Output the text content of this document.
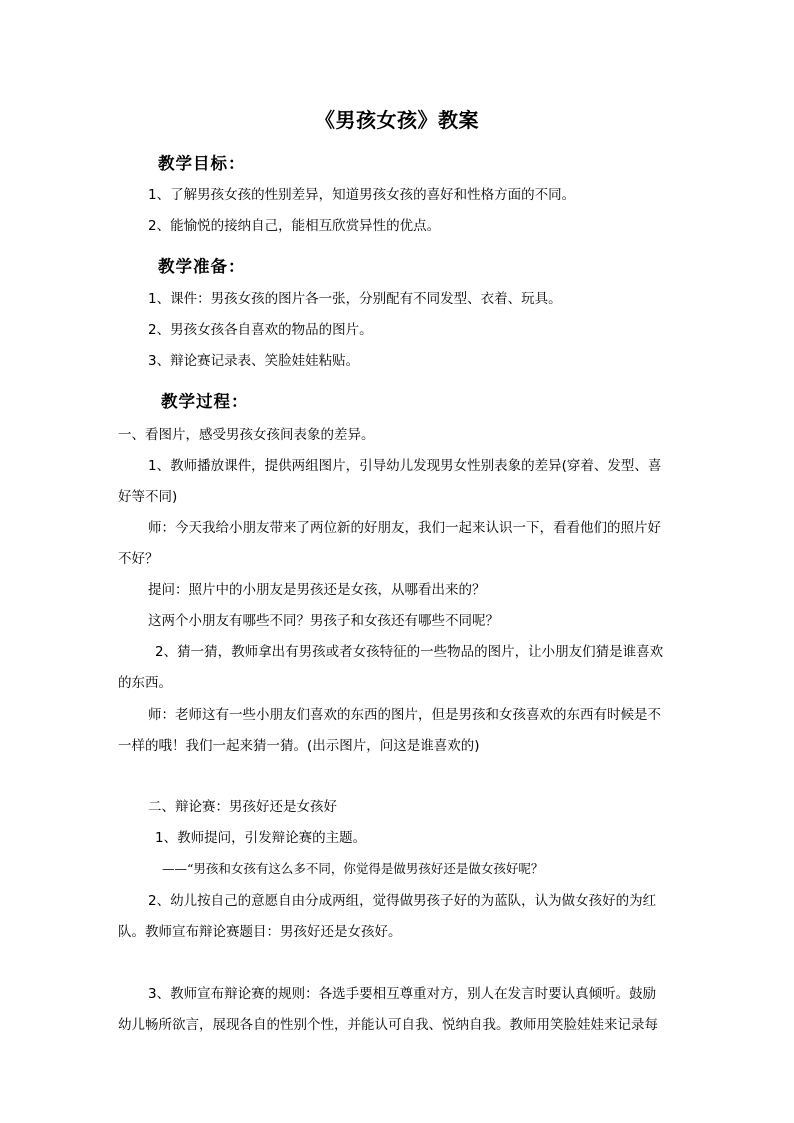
《男孩女孩》教案
教学目标：
1、了解男孩女孩的性别差异，知道男孩女孩的喜好和性格方面的不同。
2、能愉悦的接纳自己，能相互欣赏异性的优点。
教学准备：
1、课件：男孩女孩的图片各一张，分别配有不同发型、衣着、玩具。
2、男孩女孩各自喜欢的物品的图片。
3、辩论赛记录表、笑脸娃娃粘贴。
教学过程：
一、看图片，感受男孩女孩间表象的差异。
1、教师播放课件，提供两组图片，引导幼儿发现男女性别表象的差异(穿着、发型、喜
好等不同)
师：今天我给小朋友带来了两位新的好朋友，我们一起来认识一下，看看他们的照片好
不好？
提问：照片中的小朋友是男孩还是女孩，从哪看出来的？
这两个小朋友有哪些不同？男孩子和女孩还有哪些不同呢？
2、猜一猜，教师拿出有男孩或者女孩特征的一些物品的图片，让小朋友们猜是谁喜欢
的东西。
师：老师这有一些小朋友们喜欢的东西的图片，但是男孩和女孩喜欢的东西有时候是不
一样的哦！我们一起来猜一猜。(出示图片，问这是谁喜欢的)
二、辩论赛：男孩好还是女孩好
1、教师提问，引发辩论赛的主题。
——“男孩和女孩有这么多不同，你觉得是做男孩好还是做女孩好呢？
2、幼儿按自己的意愿自由分成两组，觉得做男孩子好的为蓝队，认为做女孩好的为红
队。教师宣布辩论赛题目：男孩好还是女孩好。
3、教师宣布辩论赛的规则：各选手要相互尊重对方，别人在发言时要认真倾听。鼓励
幼儿畅所欲言，展现各自的性别个性，并能认可自我、悦纳自我。教师用笑脸娃娃来记录每
